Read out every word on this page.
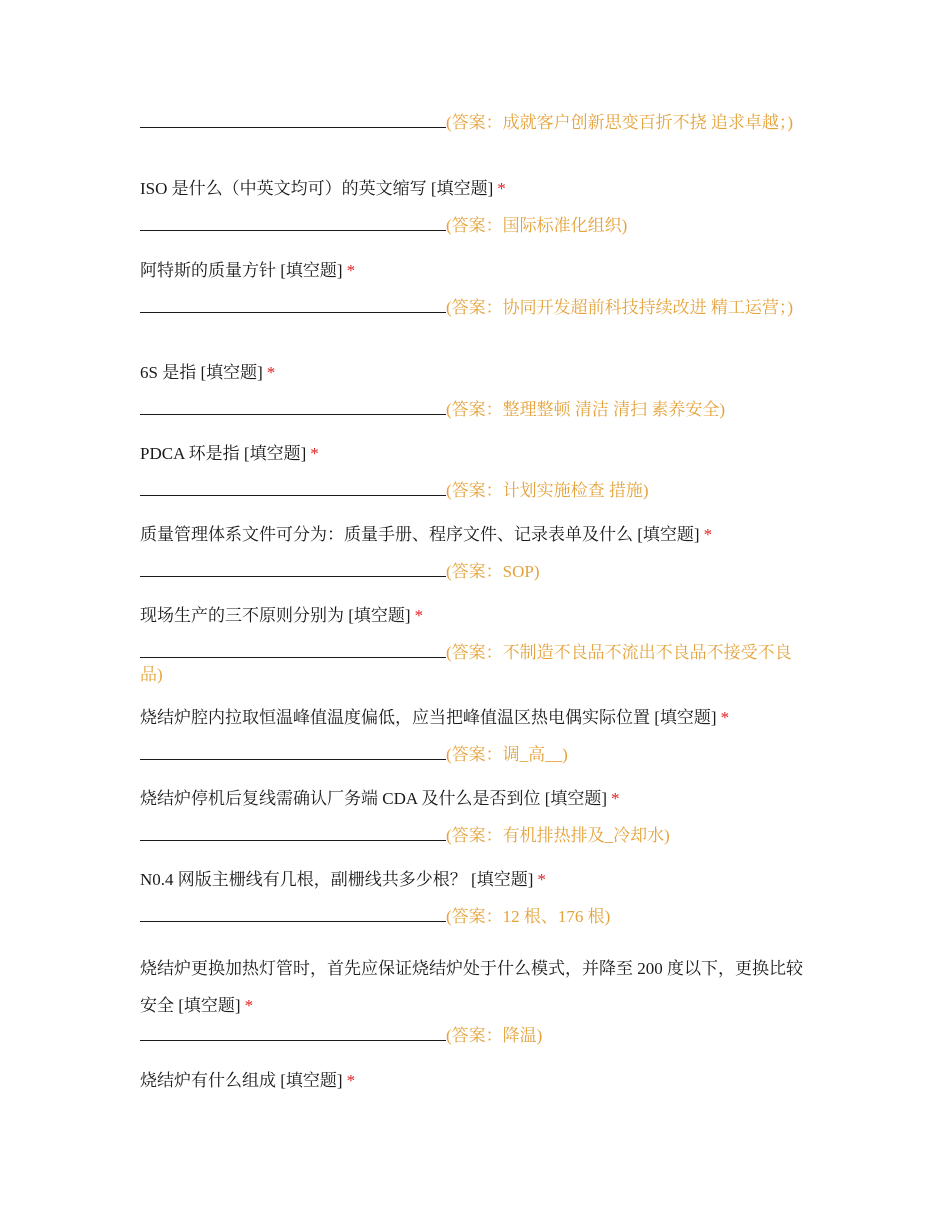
(答案：成就客户创新思变百折不挠 追求卓越；)
ISO 是什么（中英文均可）的英文缩写 [填空题] *
(答案：国际标准化组织)
阿特斯的质量方针 [填空题] *
(答案：协同开发超前科技持续改进 精工运营；)
6S 是指 [填空题] *
(答案：整理整顿 清洁 清扫 素养安全)
PDCA 环是指 [填空题] *
(答案：计划实施检查 措施)
质量管理体系文件可分为：质量手册、程序文件、记录表单及什么 [填空题] *
(答案：SOP)
现场生产的三不原则分别为 [填空题] *
(答案：不制造不良品不流出不良品不接受不良品)
烧结炉腔内拉取恒温峰值温度偏低，应当把峰值温区热电偶实际位置 [填空题] *
(答案：调_高__)
烧结炉停机后复线需确认厂务端 CDA 及什么是否到位 [填空题] *
(答案：有机排热排及_冷却水)
N0.4 网版主栅线有几根，副栅线共多少根？ [填空题] *
(答案：12 根、176 根)
烧结炉更换加热灯管时，首先应保证烧结炉处于什么模式，并降至 200 度以下，更换比较安全 [填空题] *
(答案：降温)
烧结炉有什么组成 [填空题] *
